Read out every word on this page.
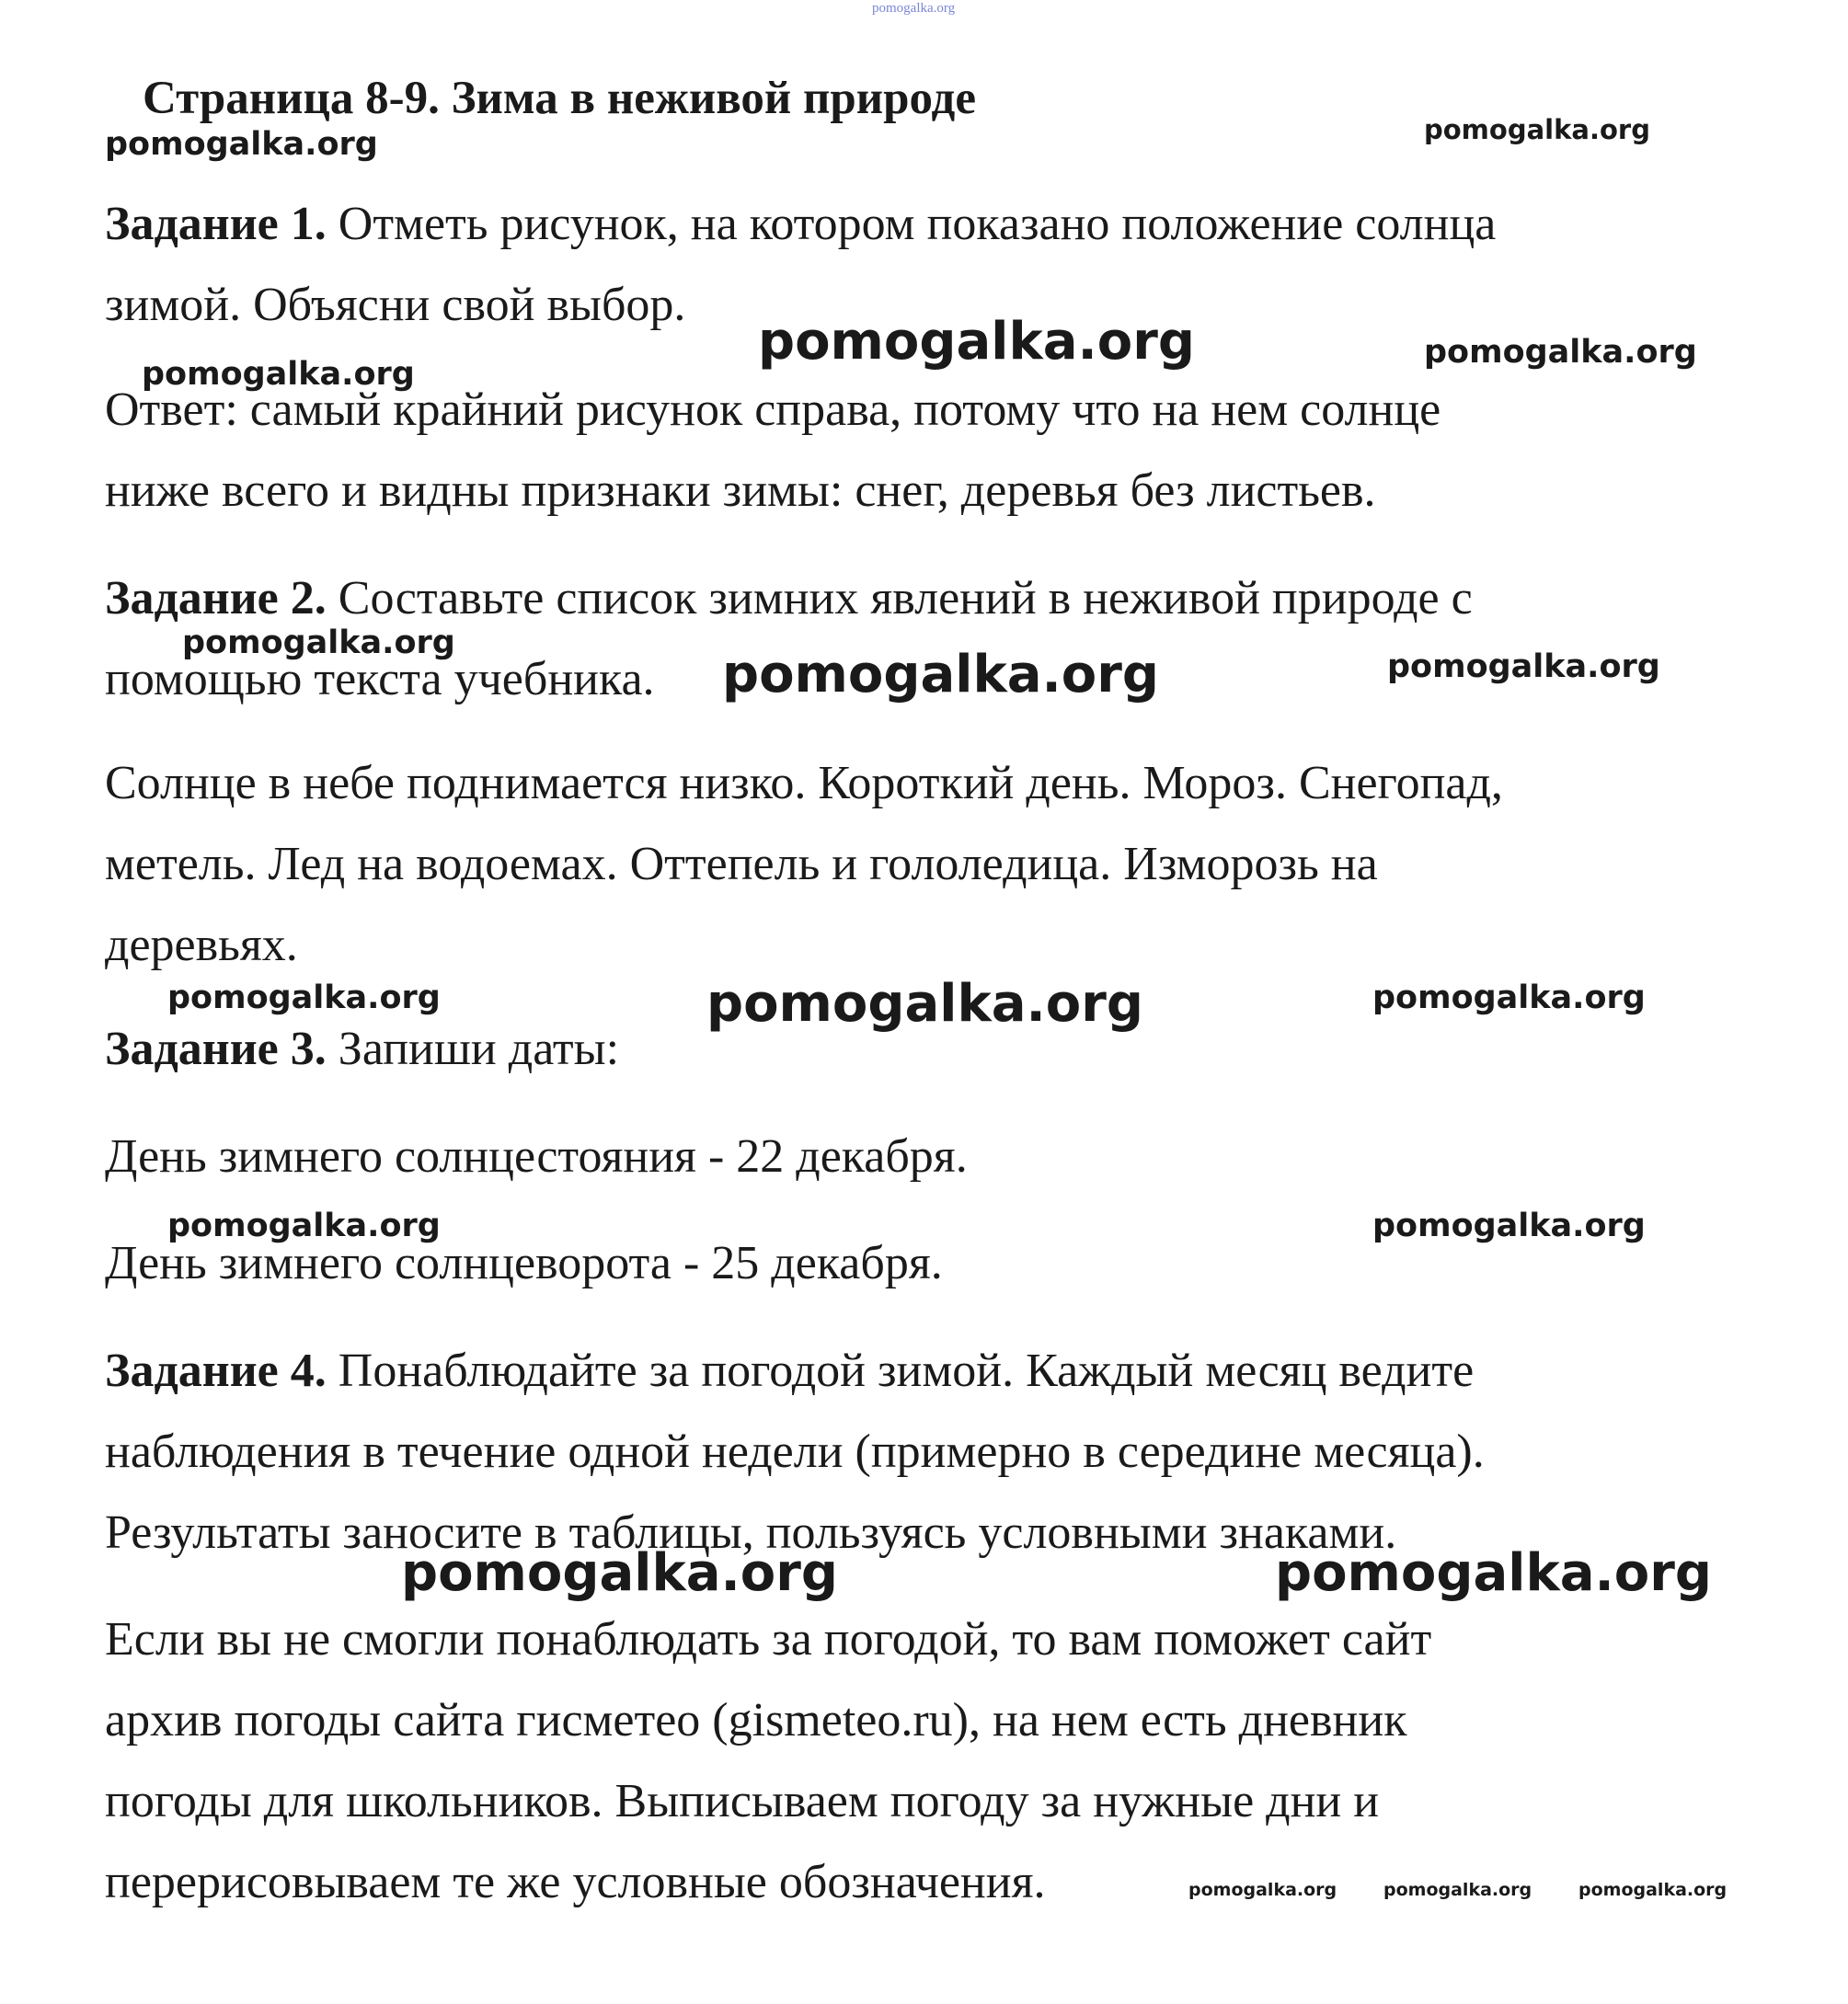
pomogalka.org
Страница 8-9. Зима в неживой природе
Задание 1. Отметь рисунок, на котором показано положение солнца
зимой. Объясни свой выбор.
Ответ: самый крайний рисунок справа, потому что на нем солнце
ниже всего и видны признаки зимы: снег, деревья без листьев.
Задание 2. Составьте список зимних явлений в неживой природе с
помощью текста учебника.
Солнце в небе поднимается низко. Короткий день. Мороз. Снегопад,
метель. Лед на водоемах. Оттепель и гололедица. Изморозь на
деревьях.
Задание 3. Запиши даты:
День зимнего солнцестояния - 22 декабря.
День зимнего солнцеворота - 25 декабря.
Задание 4. Понаблюдайте за погодой зимой. Каждый месяц ведите
наблюдения в течение одной недели (примерно в середине месяца).
Результаты заносите в таблицы, пользуясь условными знаками.
Если вы не смогли понаблюдать за погодой, то вам поможет сайт
архив погоды сайта гисметео (gismeteo.ru), на нем есть дневник
погоды для школьников. Выписываем погоду за нужные дни и
перерисовываем те же условные обозначения.
pomogalka.org	pomogalka.org
pomogalka.org
pomogalka.org
pomogalka.org
pomogalka.org
pomogalka.org	pomogalka.org
pomogalka.org	pomogalka.org	pomogalka.org
pomogalka.org	pomogalka.org
pomogalka.org	pomogalka.org
pomogalka.org	pomogalka.org	pomogalka.org
